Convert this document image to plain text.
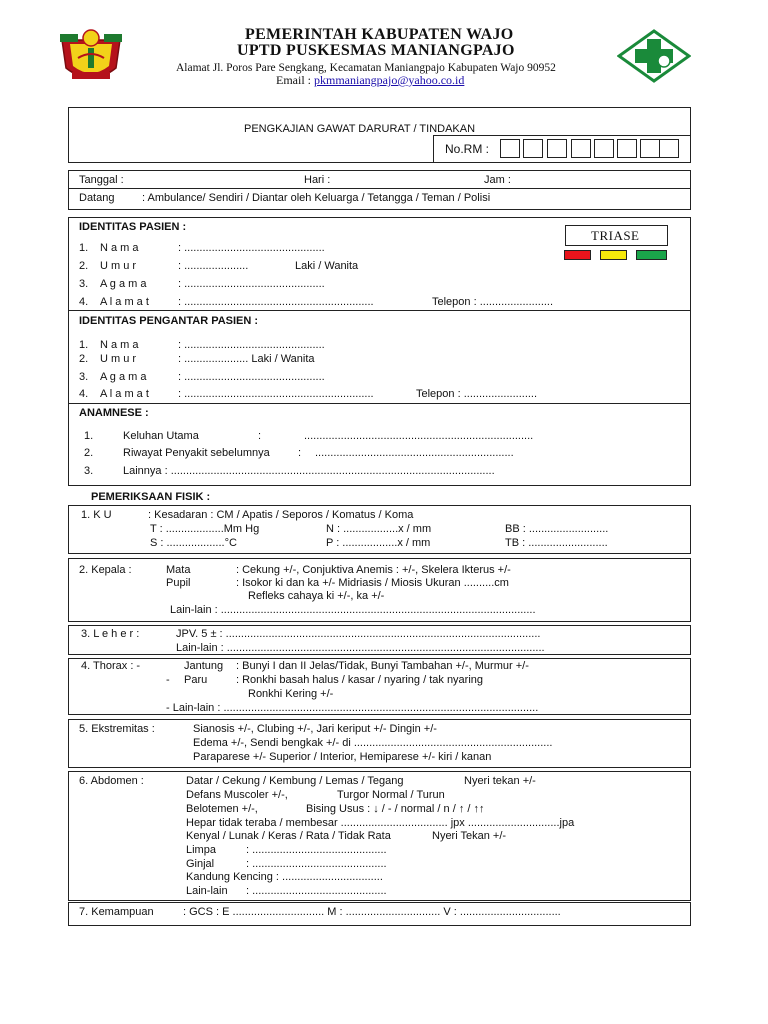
PEMERINTAH KABUPATEN WAJO
UPTD PUSKESMAS MANIANGPAJO
Alamat Jl. Poros Pare Sengkang, Kecamatan Maniangpajo Kabupaten Wajo 90952
Email : pkmmaniangpajo@yahoo.co.id
PENGKAJIAN GAWAT DARURAT / TINDAKAN
No.RM :
Tanggal :	Hari :	Jam :
Datang	: Ambulance/ Sendiri / Diantar oleh Keluarga / Tetangga / Teman / Polisi
IDENTITAS PASIEN :
1. N a m a	: ..............................................
2. U m u r	: .....................	Laki / Wanita
3. A g a m a	: ..............................................
4. A l a m a t	: ..............................................................	Telepon : ........................
TRIASE
IDENTITAS PENGANTAR PASIEN :
1. N a m a	: ..............................................
2. U m u r	: ..................... Laki / Wanita
3. A g a m a	: ..............................................
4. A l a m a t	: ..............................................................	Telepon : ........................
ANAMNESE :
1.	Keluhan Utama	:	...........................................................................
2.	Riwayat Penyakit sebelumnya	: .................................................................
3.	Lainnya : ..........................................................................................................
PEMERIKSAAN FISIK :
1. K U	: Kesadaran : CM / Apatis / Seporos / Komatus / Koma
T : ...................Mm Hg	N : ..................x / mm	BB : ..........................
S : ...................°C	P : ..................x / mm	TB : ..........................
2. Kepala :	Mata	: Cekung +/-, Conjuktiva Anemis : +/-, Skelera Ikterus +/-
Pupil	: Isokor ki dan ka +/- Midriasis / Miosis Ukuran ..........cm
Refleks cahaya ki +/-, ka +/-
Lain-lain : .......................................................................................................
3. L e h e r :	JPV. 5 ± : .......................................................................................................
Lain-lain : ........................................................................................................
4. Thorax : -	Jantung : Bunyi I dan II Jelas/Tidak, Bunyi Tambahan +/-, Murmur +/-
- Paru	: Ronkhi basah halus / kasar / nyaring / tak nyaring
Ronkhi Kering +/-
- Lain-lain : .......................................................................................................
5. Ekstremitas :	Sianosis +/-, Clubing +/-, Jari keriput +/- Dingin +/-
Edema +/-, Sendi bengkak +/- di .................................................................
Paraparese +/- Superior / Interior, Hemiparese +/- kiri / kanan
6. Abdomen :	Datar / Cekung / Kembung / Lemas / Tegang	Nyeri tekan +/-
Defans Muscoler +/-,	Turgor Normal / Turun
Belotemen +/-,	Bising Usus : ↓ / - / normal / n / ↑ / ↑↑
Hepar tidak teraba / membesar ................................... jpx ..............................jpa
Kenyal / Lunak / Keras / Rata / Tidak Rata	Nyeri Tekan +/-
Limpa	: ............................................
Ginjal	: ............................................
Kandung Kencing : .................................
Lain-lain : ............................................
7. Kemampuan	: GCS : E .............................. M : ............................... V : .................................
